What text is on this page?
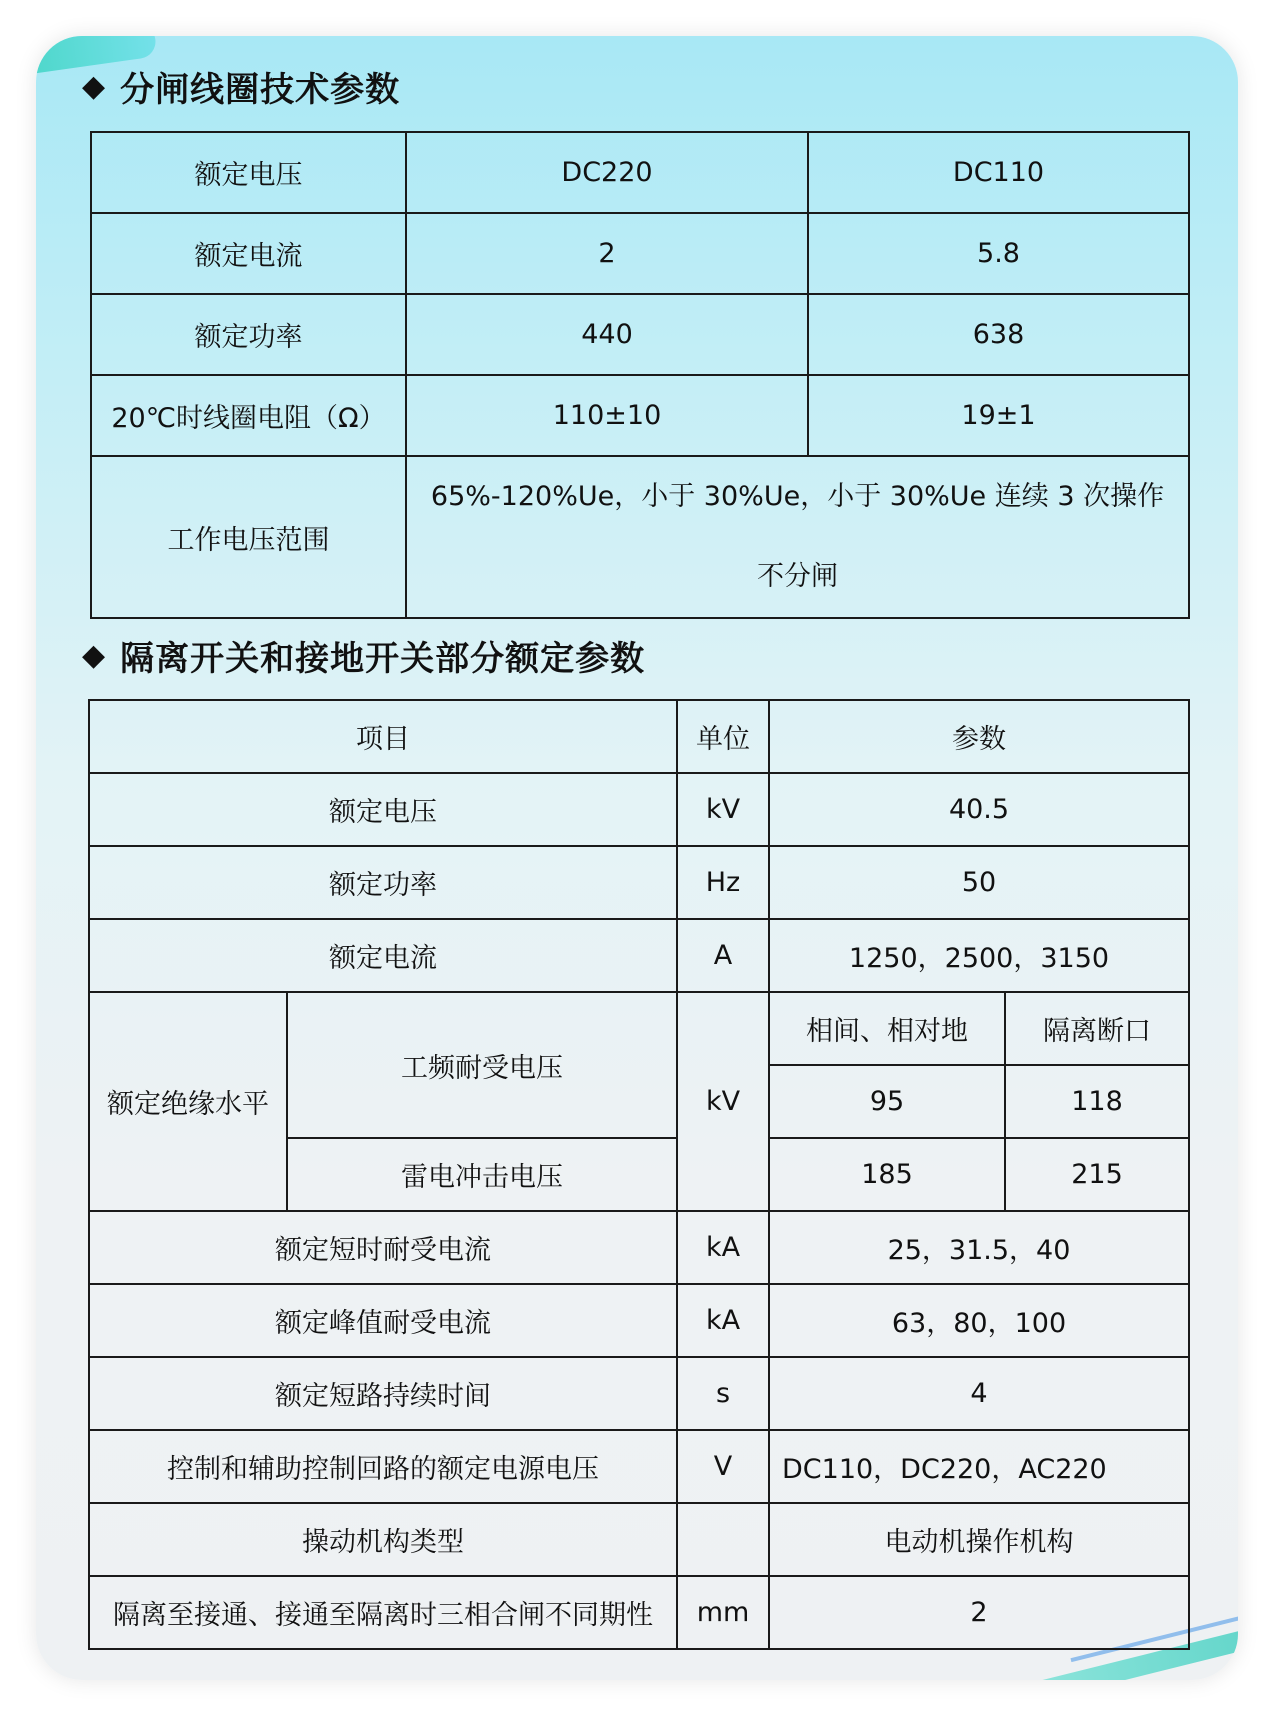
◆ 分闸线圈技术参数
额定电压	DC220	DC110
额定电流	2	5.8
额定功率	440	638
20℃时线圈电阻（Ω）	110±10	19±1
工作电压范围	65%-120%Ue，小于 30%Ue，小于 30%Ue 连续 3 次操作
不分闸	
◆ 隔离开关和接地开关部分额定参数
项目		单位	参数	
额定电压		kV	40.5	
额定功率		Hz	50	
额定电流		A	1250，2500，3150	
额定绝缘水平	工频耐受电压	kV	相间、相对地	隔离断口
			95	118
	雷电冲击电压		185	215
额定短时耐受电流		kA	25，31.5，40	
额定峰值耐受电流		kA	63，80，100	
额定短路持续时间		s	4	
控制和辅助控制回路的额定电源电压		V	DC110，DC220，AC220	
操动机构类型			电动机操作机构	
隔离至接通、接通至隔离时三相合闸不同期性		mm	2	
